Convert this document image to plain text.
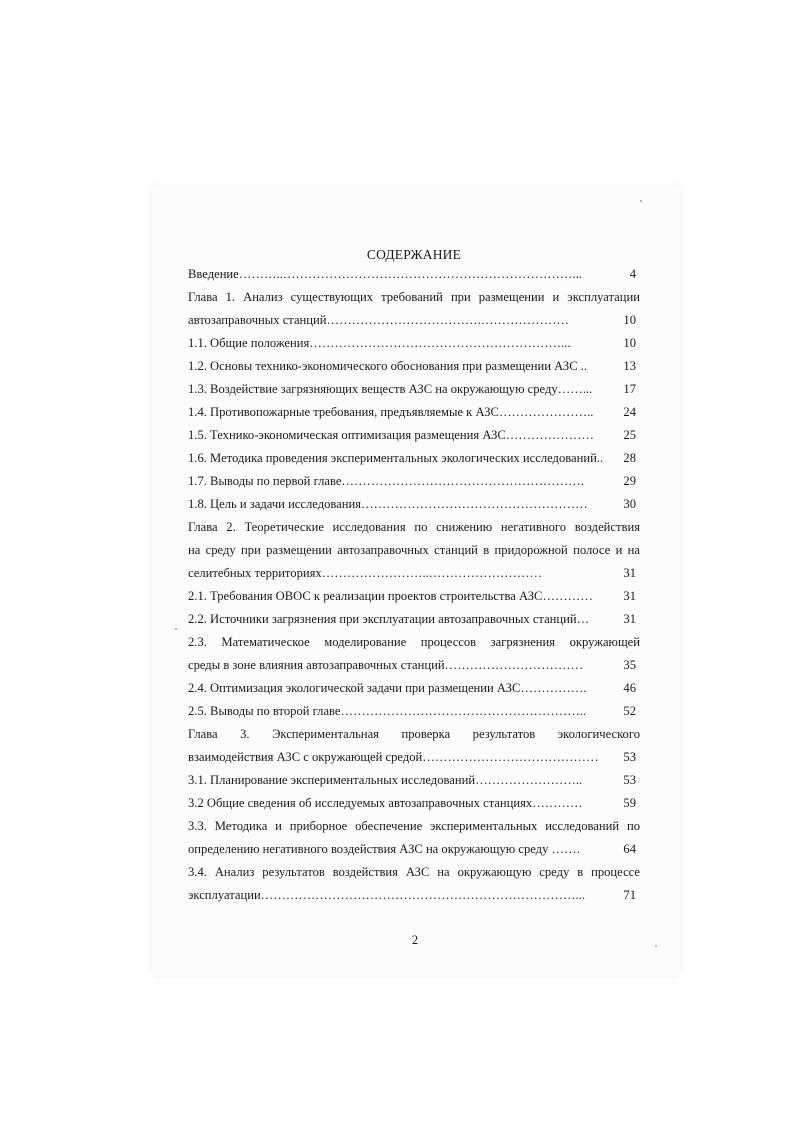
СОДЕРЖАНИЕ
Введение………..……………………………………………………………...	4
Глава 1. Анализ существующих требований при размещении и эксплуатации
автозаправочных станций……………………………….…………………	10
1.1. Общие положения……………………………………………………...	10
1.2. Основы технико-экономического обоснования при размещении АЗС ..	13
1.3. Воздействие загрязняющих веществ АЗС на окружающую среду……... 17
1.4. Противопожарные требования, предъявляемые к АЗС………………….. 24
1.5. Технико-экономическая оптимизация размещения АЗС………………… 25
1.6. Методика проведения экспериментальных экологических исследований.. 28
1.7. Выводы по первой главе………………………………………………….	29
1.8. Цель и задачи исследования………………………………………………	30
Глава 2. Теоретические исследования по снижению негативного воздействия
на среду при размещении автозаправочных станций в придорожной полосе и на
селитебных территориях……………………..………………………	31
2.1. Требования ОВОС к реализации проектов строительства АЗС………… 31
2.2. Источники загрязнения при эксплуатации автозаправочных станций…	31
2.3. Математическое моделирование процессов загрязнения окружающей
среды в зоне влияния автозаправочных станций……………………………	35
2.4. Оптимизация экологической задачи при размещении АЗС…………….	46
2.5. Выводы по второй главе…………………………………………………..	52
Глава 3. Экспериментальная проверка результатов экологического
взаимодействия АЗС с окружающей средой…………………………………… 53
3.1. Планирование экспериментальных исследований……………………..	53
3.2 Общие сведения об исследуемых автозаправочных станциях…………	59
3.3. Методика и приборное обеспечение экспериментальных исследований по
определению негативного воздействия АЗС на окружающую среду …….	64
3.4. Анализ результатов воздействия АЗС на окружающую среду в процессе
эксплуатации…………………………………………………………………...	71
2
